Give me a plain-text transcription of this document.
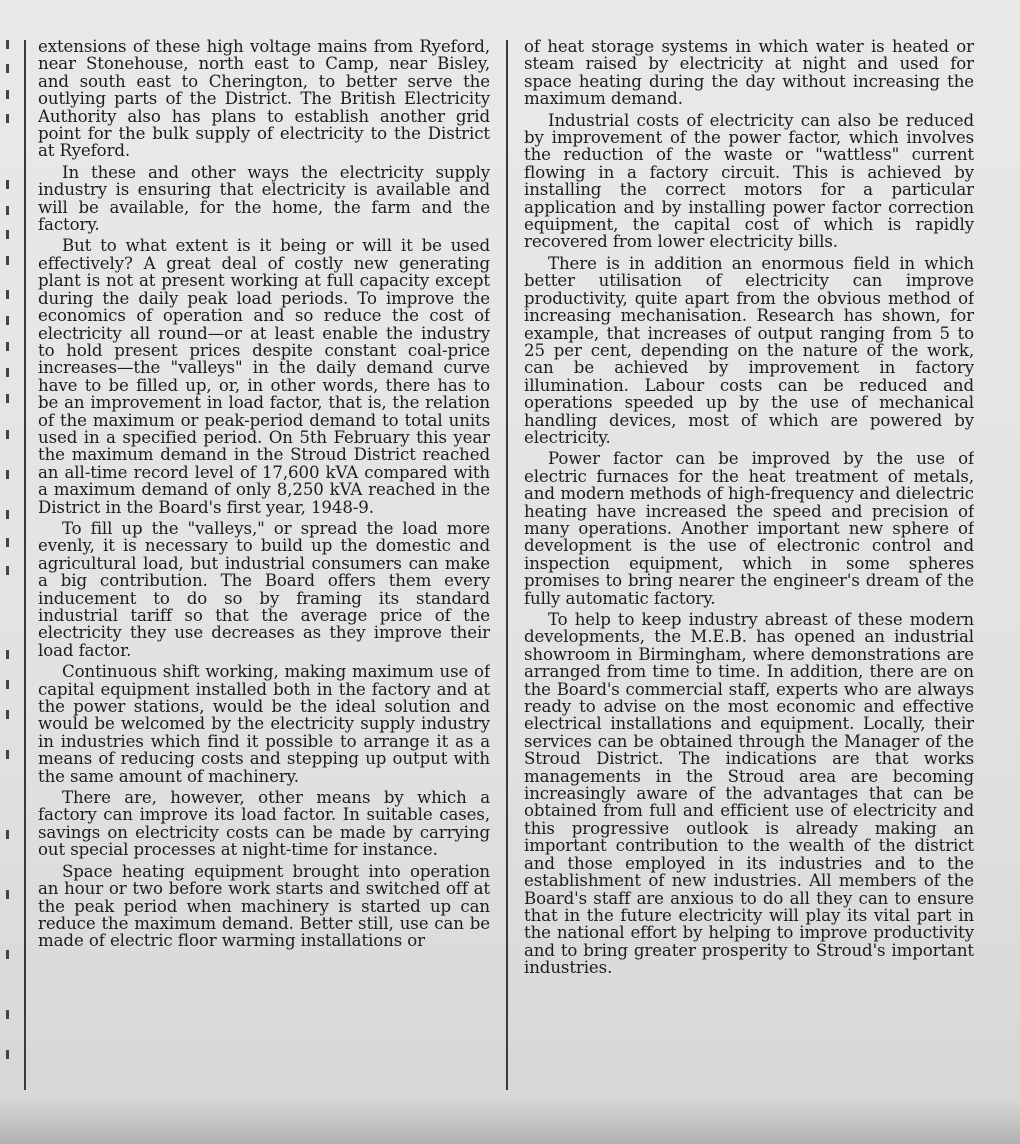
extensions of these high voltage mains from Ryeford, near Stonehouse, north east to Camp, near Bisley, and south east to Cherington, to better serve the outlying parts of the District. The British Electricity Authority also has plans to establish another grid point for the bulk supply of electricity to the District at Ryeford.

In these and other ways the electricity supply industry is ensuring that electricity is available and will be available, for the home, the farm and the factory.

But to what extent is it being or will it be used effectively? A great deal of costly new generating plant is not at present working at full capacity except during the daily peak load periods. To improve the economics of operation and so reduce the cost of electricity all round—or at least enable the industry to hold present prices despite constant coal-price increases—the "valleys" in the daily demand curve have to be filled up, or, in other words, there has to be an improvement in load factor, that is, the relation of the maximum or peak-period demand to total units used in a specified period. On 5th February this year the maximum demand in the Stroud District reached an all-time record level of 17,600 kVA compared with a maximum demand of only 8,250 kVA reached in the District in the Board's first year, 1948-9.

To fill up the "valleys," or spread the load more evenly, it is necessary to build up the domestic and agricultural load, but industrial consumers can make a big contribution. The Board offers them every inducement to do so by framing its standard industrial tariff so that the average price of the electricity they use decreases as they improve their load factor.

Continuous shift working, making maximum use of capital equipment installed both in the factory and at the power stations, would be the ideal solution and would be welcomed by the electricity supply industry in industries which find it possible to arrange it as a means of reducing costs and stepping up output with the same amount of machinery.

There are, however, other means by which a factory can improve its load factor. In suitable cases, savings on electricity costs can be made by carrying out special processes at night-time for instance.

Space heating equipment brought into operation an hour or two before work starts and switched off at the peak period when machinery is started up can reduce the maximum demand. Better still, use can be made of electric floor warming installations or

of heat storage systems in which water is heated or steam raised by electricity at night and used for space heating during the day without increasing the maximum demand.

Industrial costs of electricity can also be reduced by improvement of the power factor, which involves the reduction of the waste or "wattless" current flowing in a factory circuit. This is achieved by installing the correct motors for a particular application and by installing power factor correction equipment, the capital cost of which is rapidly recovered from lower electricity bills.

There is in addition an enormous field in which better utilisation of electricity can improve productivity, quite apart from the obvious method of increasing mechanisation. Research has shown, for example, that increases of output ranging from 5 to 25 per cent, depending on the nature of the work, can be achieved by improvement in factory illumination. Labour costs can be reduced and operations speeded up by the use of mechanical handling devices, most of which are powered by electricity.

Power factor can be improved by the use of electric furnaces for the heat treatment of metals, and modern methods of high-frequency and dielectric heating have increased the speed and precision of many operations. Another important new sphere of development is the use of electronic control and inspection equipment, which in some spheres promises to bring nearer the engineer's dream of the fully automatic factory.

To help to keep industry abreast of these modern developments, the M.E.B. has opened an industrial showroom in Birmingham, where demonstrations are arranged from time to time. In addition, there are on the Board's commercial staff, experts who are always ready to advise on the most economic and effective electrical installations and equipment. Locally, their services can be obtained through the Manager of the Stroud District. The indications are that works managements in the Stroud area are becoming increasingly aware of the advantages that can be obtained from full and efficient use of electricity and this progressive outlook is already making an important contribution to the wealth of the district and those employed in its industries and to the establishment of new industries. All members of the Board's staff are anxious to do all they can to ensure that in the future electricity will play its vital part in the national effort by helping to improve productivity and to bring greater prosperity to Stroud's important industries.
